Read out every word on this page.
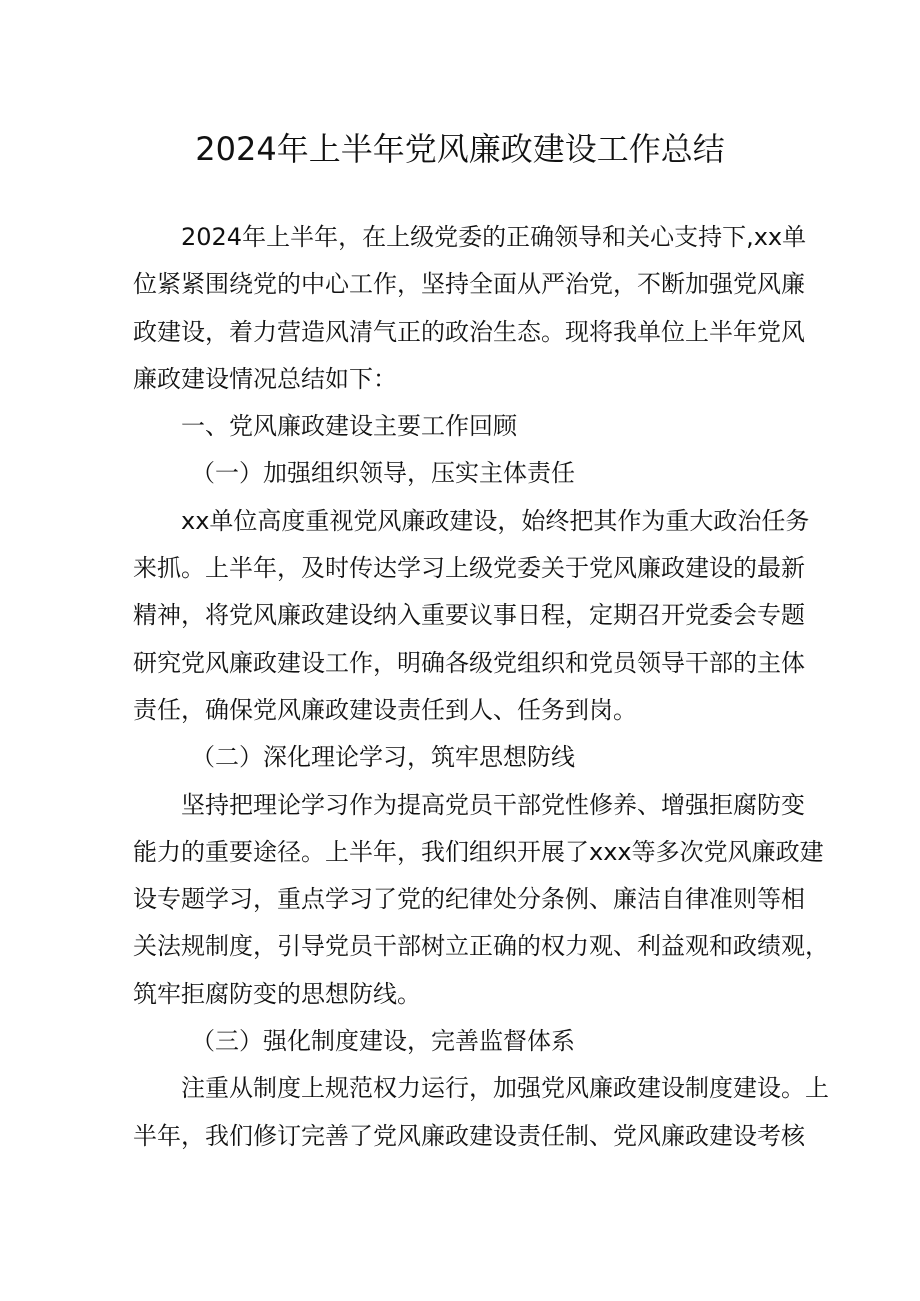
2024年上半年党风廉政建设工作总结

2024年上半年，在上级党委的正确领导和关心支持下,xx单
位紧紧围绕党的中心工作，坚持全面从严治党，不断加强党风廉
政建设，着力营造风清气正的政治生态。现将我单位上半年党风
廉政建设情况总结如下：

一、党风廉政建设主要工作回顾

（一）加强组织领导，压实主体责任

xx单位高度重视党风廉政建设，始终把其作为重大政治任务
来抓。上半年，及时传达学习上级党委关于党风廉政建设的最新
精神，将党风廉政建设纳入重要议事日程，定期召开党委会专题
研究党风廉政建设工作，明确各级党组织和党员领导干部的主体
责任，确保党风廉政建设责任到人、任务到岗。

（二）深化理论学习，筑牢思想防线

坚持把理论学习作为提高党员干部党性修养、增强拒腐防变
能力的重要途径。上半年，我们组织开展了xxx等多次党风廉政建
设专题学习，重点学习了党的纪律处分条例、廉洁自律准则等相
关法规制度，引导党员干部树立正确的权力观、利益观和政绩观，
筑牢拒腐防变的思想防线。

（三）强化制度建设，完善监督体系

注重从制度上规范权力运行，加强党风廉政建设制度建设。上
半年，我们修订完善了党风廉政建设责任制、党风廉政建设考核
